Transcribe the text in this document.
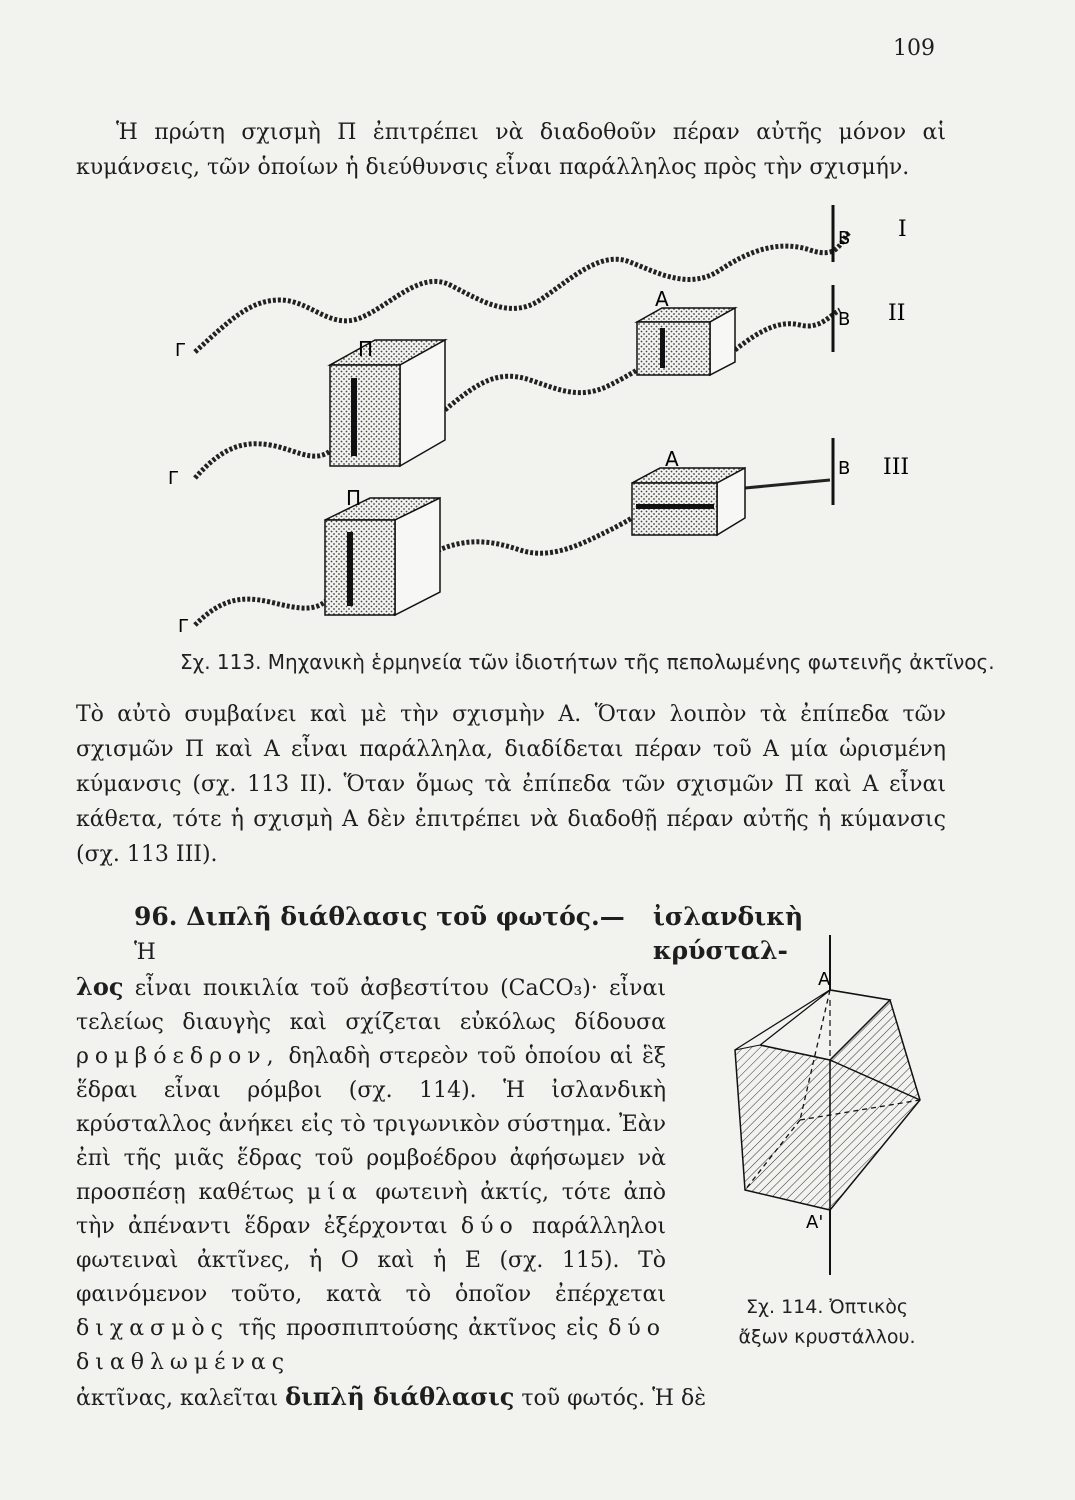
109

Ἡ πρώτη σχισμὴ Π ἐπιτρέπει νὰ διαδοθοῦν πέραν αὐτῆς μόνον αἱ κυμάνσεις, τῶν ὁποίων ἡ διεύθυνσις εἶναι παράλληλος πρὸς τὴν σχισμήν.

Γ
Γ
Γ
Π
Π
Α
Α
Β
Β
Β
I
II
III
Α
Α'
Σχ. 113. Μηχανικὴ ἑρμηνεία τῶν ἰδιοτήτων τῆς πεπολωμένης φωτεινῆς ἀκτῖνος.

Τὸ αὐτὸ συμβαίνει καὶ μὲ τὴν σχισμὴν Α. Ὅταν λοιπὸν τὰ ἐπίπεδα τῶν σχισμῶν Π καὶ Α εἶναι παράλληλα, διαδίδεται πέραν τοῦ Α μία ὡρισμένη κύμανσις (σχ. 113 ΙΙ). Ὅταν ὅμως τὰ ἐπίπεδα τῶν σχισμῶν Π καὶ Α εἶναι κάθετα, τότε ἡ σχισμὴ Α δὲν ἐπιτρέπει νὰ διαδοθῇ πέραν αὐτῆς ἡ κύμανσις (σχ. 113 ΙΙΙ).

96. Διπλῆ διάθλασις τοῦ φωτός.— Ἡ
ἰσλανδικὴ κρύσταλ-
λος εἶναι ποικιλία τοῦ ἀσβεστίτου (CaCO₃)· εἶναι τελείως διαυγὴς καὶ σχίζεται εὐκόλως δίδουσα ρομβόεδρον, δηλαδὴ στερεὸν τοῦ ὁποίου αἱ ἓξ ἕδραι εἶναι ρόμβοι (σχ. 114). Ἡ ἰσλανδικὴ κρύσταλλος ἀνήκει εἰς τὸ τριγωνικὸν σύστημα. Ἐὰν ἐπὶ τῆς μιᾶς ἕδρας τοῦ ρομβοέδρου ἀφήσωμεν νὰ προσπέσῃ καθέτως μία φωτεινὴ ἀκτίς, τότε ἀπὸ τὴν ἀπέναντι ἕδραν ἐξέρχονται δύο παράλληλοι φωτειναὶ ἀκτῖνες, ἡ Ο καὶ ἡ Ε (σχ. 115). Τὸ φαινόμενον τοῦτο, κατὰ τὸ ὁποῖον ἐπέρχεται διχασμὸς τῆς προσπιπτούσης ἀκτῖνος εἰς δύο διαθλωμένας
ἀκτῖνας, καλεῖται διπλῆ διάθλασις τοῦ φωτός. Ἡ δὲ
Σχ. 114. Ὀπτικὸς
ἄξων κρυστάλλου.
